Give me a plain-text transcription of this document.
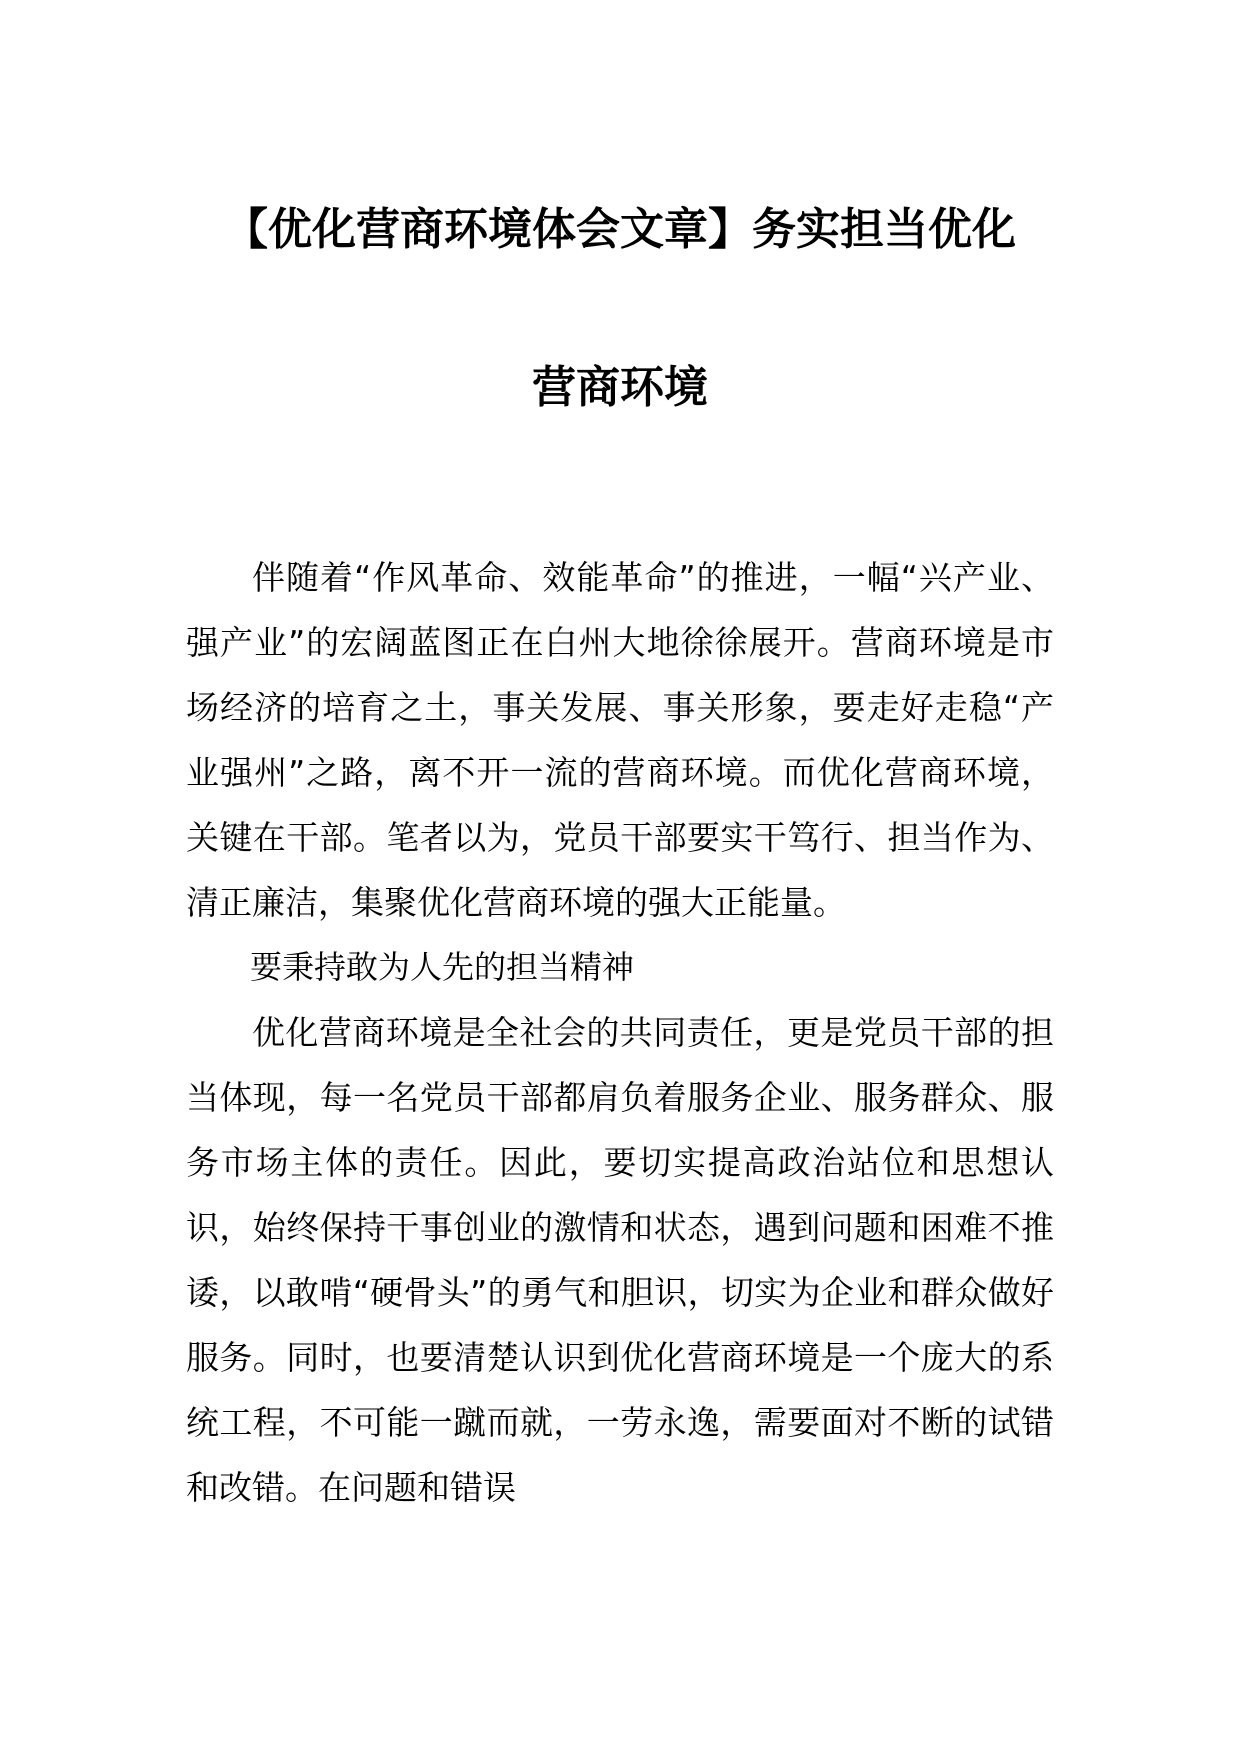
【优化营商环境体会文章】务实担当优化
营商环境

伴随着“作风革命、效能革命”的推进，一幅“兴产业、强产业”的宏阔蓝图正在白州大地徐徐展开。营商环境是市场经济的培育之土，事关发展、事关形象，要走好走稳“产业强州”之路，离不开一流的营商环境。而优化营商环境，关键在干部。笔者以为，党员干部要实干笃行、担当作为、清正廉洁，集聚优化营商环境的强大正能量。

要秉持敢为人先的担当精神

优化营商环境是全社会的共同责任，更是党员干部的担当体现，每一名党员干部都肩负着服务企业、服务群众、服务市场主体的责任。因此，要切实提高政治站位和思想认识，始终保持干事创业的激情和状态，遇到问题和困难不推诿，以敢啃“硬骨头”的勇气和胆识，切实为企业和群众做好服务。同时，也要清楚认识到优化营商环境是一个庞大的系统工程，不可能一蹴而就，一劳永逸，需要面对不断的试错和改错。在问题和错误
